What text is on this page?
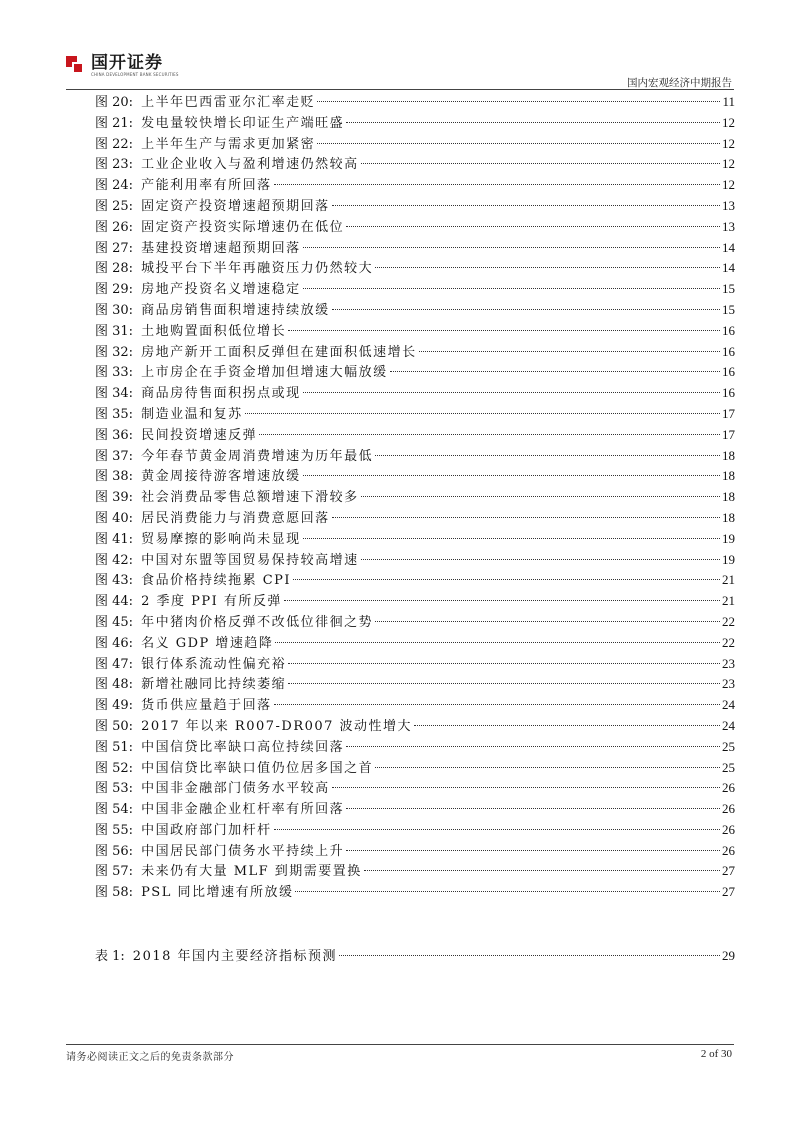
国开证券
CHINA DEVELOPMENT BANK SECURITIES
国内宏观经济中期报告
图 20: 上半年巴西雷亚尔汇率走贬	11
图 21: 发电量较快增长印证生产端旺盛	12
图 22: 上半年生产与需求更加紧密	12
图 23: 工业企业收入与盈利增速仍然较高	12
图 24: 产能利用率有所回落	12
图 25: 固定资产投资增速超预期回落	13
图 26: 固定资产投资实际增速仍在低位	13
图 27: 基建投资增速超预期回落	14
图 28: 城投平台下半年再融资压力仍然较大	14
图 29: 房地产投资名义增速稳定	15
图 30: 商品房销售面积增速持续放缓	15
图 31: 土地购置面积低位增长	16
图 32: 房地产新开工面积反弹但在建面积低速增长	16
图 33: 上市房企在手资金增加但增速大幅放缓	16
图 34: 商品房待售面积拐点或现	16
图 35: 制造业温和复苏	17
图 36: 民间投资增速反弹	17
图 37: 今年春节黄金周消费增速为历年最低	18
图 38: 黄金周接待游客增速放缓	18
图 39: 社会消费品零售总额增速下滑较多	18
图 40: 居民消费能力与消费意愿回落	18
图 41: 贸易摩擦的影响尚未显现	19
图 42: 中国对东盟等国贸易保持较高增速	19
图 43: 食品价格持续拖累 CPI	21
图 44: 2 季度 PPI 有所反弹	21
图 45: 年中猪肉价格反弹不改低位徘徊之势	22
图 46: 名义 GDP 增速趋降	22
图 47: 银行体系流动性偏充裕	23
图 48: 新增社融同比持续萎缩	23
图 49: 货币供应量趋于回落	24
图 50: 2017 年以来 R007-DR007 波动性增大	24
图 51: 中国信贷比率缺口高位持续回落	25
图 52: 中国信贷比率缺口值仍位居多国之首	25
图 53: 中国非金融部门债务水平较高	26
图 54: 中国非金融企业杠杆率有所回落	26
图 55: 中国政府部门加杆杆	26
图 56: 中国居民部门债务水平持续上升	26
图 57: 未来仍有大量 MLF 到期需要置换	27
图 58: PSL 同比增速有所放缓	27
表 1: 2018 年国内主要经济指标预测	29
请务必阅读正文之后的免责条款部分	2 of 30
